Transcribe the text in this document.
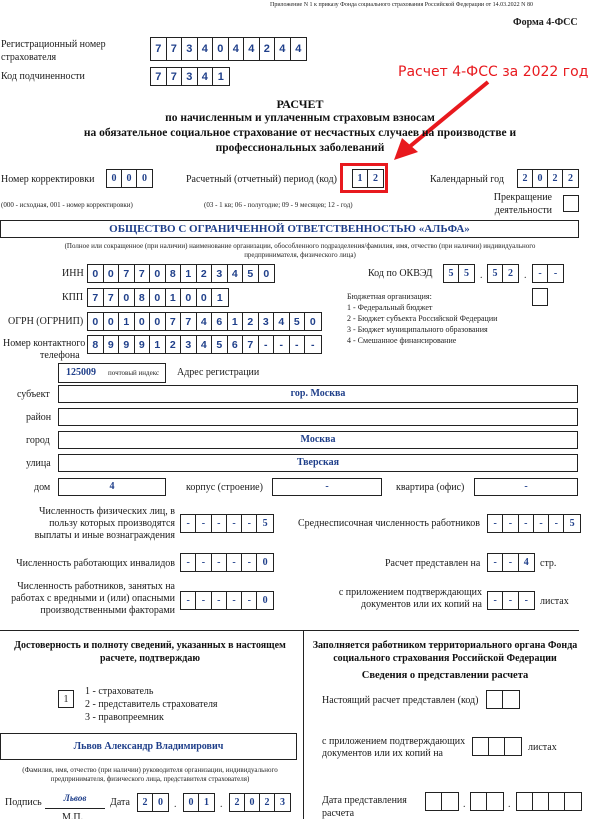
Приложение N 1 к приказу Фонда социального страхования Российской Федерации от 14.03.2022 N 80
Форма 4-ФСС
Регистрационный номер страхователя
7 7 3 4 0 4 4 2 4 4
Код подчиненности	7 7 3 4 1	Расчет 4-ФСС за 2022 год
РАСЧЕТ
по начисленным и уплаченным страховым взносам
на обязательное социальное страхование от несчастных случаев на производстве и
профессиональных заболеваний
Номер корректировки	0	0	0
(000 - исходная, 001 - номер корректировки)
Расчетный (отчетный) период (код)	1	2
(03 - 1 кв; 06 - полугодие; 09 - 9 месяцев; 12 - год)
Календарный год	2	0	2	2
Прекращение
деятельности
ОБЩЕСТВО С ОГРАНИЧЕННОЙ ОТВЕТСТВЕННОСТЬЮ «АЛЬФА»
(Полное или сокращенное (при наличии) наименование организации, обособленного подразделения/фамилия, имя, отчество (при наличии) индивидуального
предпринимателя, физического лица)
ИНН 0 0 7 7 0 8 1 2 3 4 5 0
КПП 7 7 0 8 0 1 0 0 1
ОГРН (ОГРНИП) 0 0 1 0 0 7 7 4 6 1 2 3 4 5 0
Номер контактного
телефона
8 9 9 9 1 2 3 4 5 6 7	-	-	-	-
Код по ОКВЭД	5	5	.	5	2	.	-	-
Бюджетная организация:
1 - Федеральный бюджет
2 - Бюджет субъекта Российской Федерации
3 - Бюджет муниципального образования
4 - Смешанное финансирование
125009 почтовый индекс Адрес регистрации
субъект	гор. Москва
район
город	Москва
улица	Тверская
дом	4	корпус (строение)	-	квартира (офис)	-
Численность физических лиц, в
пользу которых производятся
выплаты и иные вознаграждения
-	-	-	-	-	5	Среднесписочная численность работников	-	-	-	-	-	5
Численность работающих инвалидов	-	-	-	-	-	0	Расчет представлен на	-	-	4	стр.
Численность работников, занятых на
работах с вредными и (или) опасными
производственными факторами
-	-	-	-	-	0
с приложением подтверждающих
документов или их копий на	-	-	-	листах
Достоверность и полноту сведений, указанных в настоящем
расчете, подтверждаю
1
1 - страхователь
2 - представитель страхователя
3 - правопреемник
Львов Александр Владимирович
(Фамилия, имя, отчество (при наличии) руководителя организации, индивидуального
предпринимателя, физического лица, представителя страхователя)
Подпись	Львов	Дата	2	0	.	0	1	.	2	0	2	3
М.П.
Заполняется работником территориального органа Фонда
социального страхования Российской Федерации
Сведения о представлении расчета
Настоящий расчет представлен (код)
с приложением подтверждающих
документов или их копий на
листах
Дата представления
расчета
.	.
